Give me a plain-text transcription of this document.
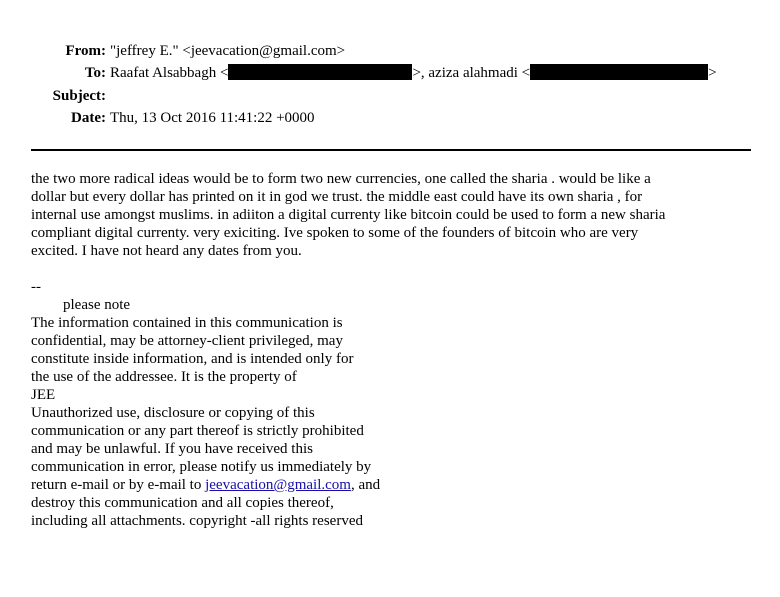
From: "jeffrey E." <jeevacation@gmail.com>
To: Raafat Alsabbagh <	>, aziza alahmadi <	>
Subject:
Date: Thu, 13 Oct 2016 11:41:22 +0000

the two more radical ideas would be to form two new currencies, one called the sharia . would be like a

dollar but every dollar has printed on it in god we trust. the middle east could have its own sharia , for

internal use amongst muslims. in adiiton a digital currenty like bitcoin could be used to form a new sharia

compliant digital currenty. very exiciting. Ive spoken to some of the founders of bitcoin who are very

excited. I have not heard any dates from you.

--
please note
The information contained in this communication is
confidential, may be attorney-client privileged, may
constitute inside information, and is intended only for
the use of the addressee. It is the property of
JEE
Unauthorized use, disclosure or copying of this
communication or any part thereof is strictly prohibited
and may be unlawful. If you have received this
communication in error, please notify us immediately by
return e-mail or by e-mail to jeevacation@gmail.com, and
destroy this communication and all copies thereof,
including all attachments. copyright -all rights reserved
